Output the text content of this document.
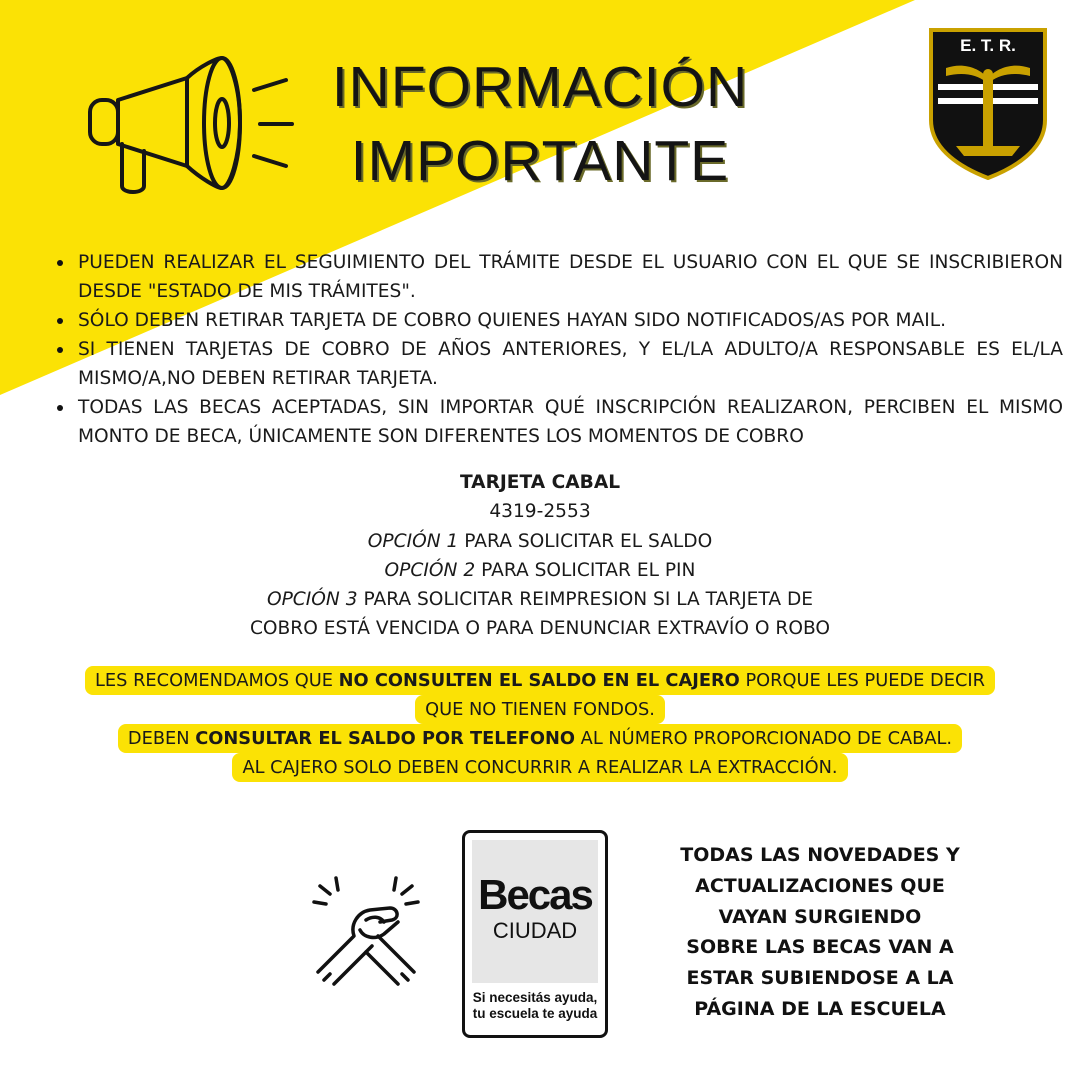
INFORMACIÓN
IMPORTANTE
E. T. R.
PUEDEN REALIZAR EL SEGUIMIENTO DEL TRÁMITE DESDE EL USUARIO CON EL QUE SE INSCRIBIERON DESDE "ESTADO DE MIS TRÁMITES".
SÓLO DEBEN RETIRAR TARJETA DE COBRO QUIENES HAYAN SIDO NOTIFICADOS/AS POR MAIL.
SI TIENEN TARJETAS DE COBRO DE AÑOS ANTERIORES, Y EL/LA ADULTO/A RESPONSABLE ES EL/LA MISMO/A,NO DEBEN RETIRAR TARJETA.
TODAS LAS BECAS ACEPTADAS, SIN IMPORTAR QUÉ INSCRIPCIÓN REALIZARON, PERCIBEN EL MISMO MONTO DE BECA, ÚNICAMENTE SON DIFERENTES LOS MOMENTOS DE COBRO
TARJETA CABAL
4319-2553
OPCIÓN 1 PARA SOLICITAR EL SALDO
OPCIÓN 2 PARA SOLICITAR EL PIN
OPCIÓN 3 PARA SOLICITAR REIMPRESION SI LA TARJETA DE
COBRO ESTÁ VENCIDA O PARA DENUNCIAR EXTRAVÍO O ROBO
LES RECOMENDAMOS QUE NO CONSULTEN EL SALDO EN EL CAJERO PORQUE LES PUEDE DECIR
QUE NO TIENEN FONDOS.
DEBEN CONSULTAR EL SALDO POR TELEFONO AL NÚMERO PROPORCIONADO DE CABAL.
AL CAJERO SOLO DEBEN CONCURRIR A REALIZAR LA EXTRACCIÓN.
Becas
CIUDAD
Si necesitás ayuda,
tu escuela te ayuda
TODAS LAS NOVEDADES Y
ACTUALIZACIONES QUE
VAYAN SURGIENDO
SOBRE LAS BECAS VAN A
ESTAR SUBIENDOSE A LA
PÁGINA DE LA ESCUELA
